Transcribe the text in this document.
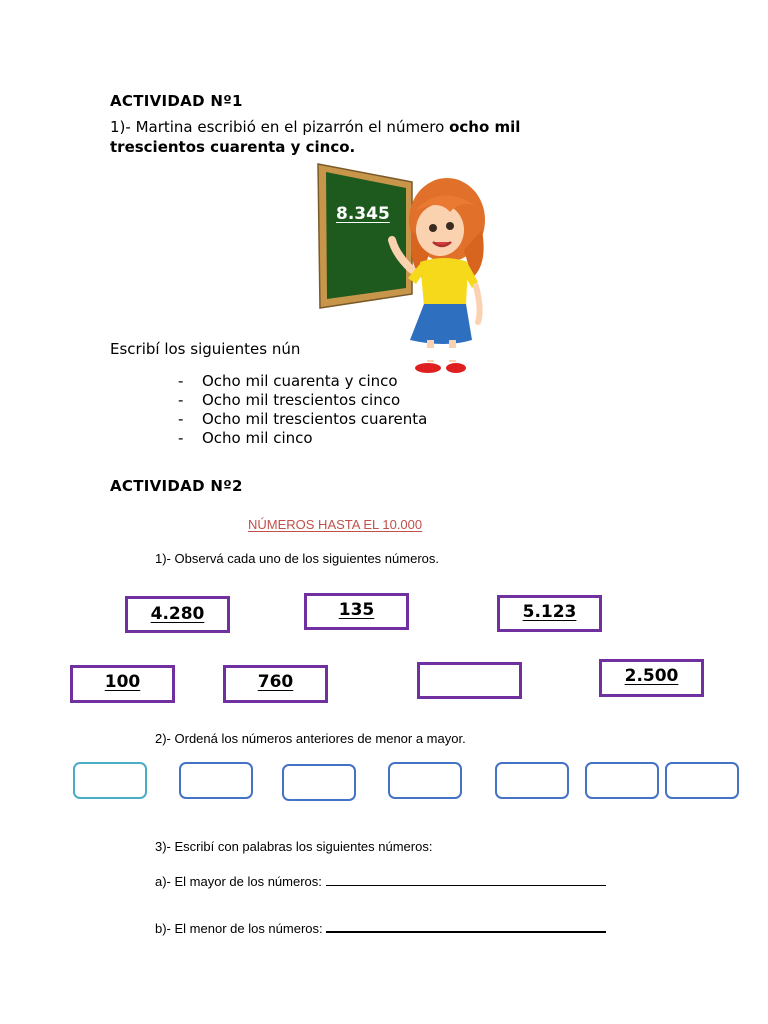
ACTIVIDAD Nº1
1)- Martina escribió en el pizarrón el número ocho mil trescientos cuarenta y cinco.
8.345
Escribí los siguientes nún
- Ocho mil cuarenta y cinco
- Ocho mil trescientos cinco
- Ocho mil trescientos cuarenta
- Ocho mil cinco
ACTIVIDAD Nº2
NÚMEROS HASTA EL 10.000
1)- Observá cada uno de los siguientes números.
4.280	135	5.123
100	760	2.500
2)- Ordená los números anteriores de menor a mayor.
3)- Escribí con palabras los siguientes números:
a)- El mayor de los números:
b)- El menor de los números:
